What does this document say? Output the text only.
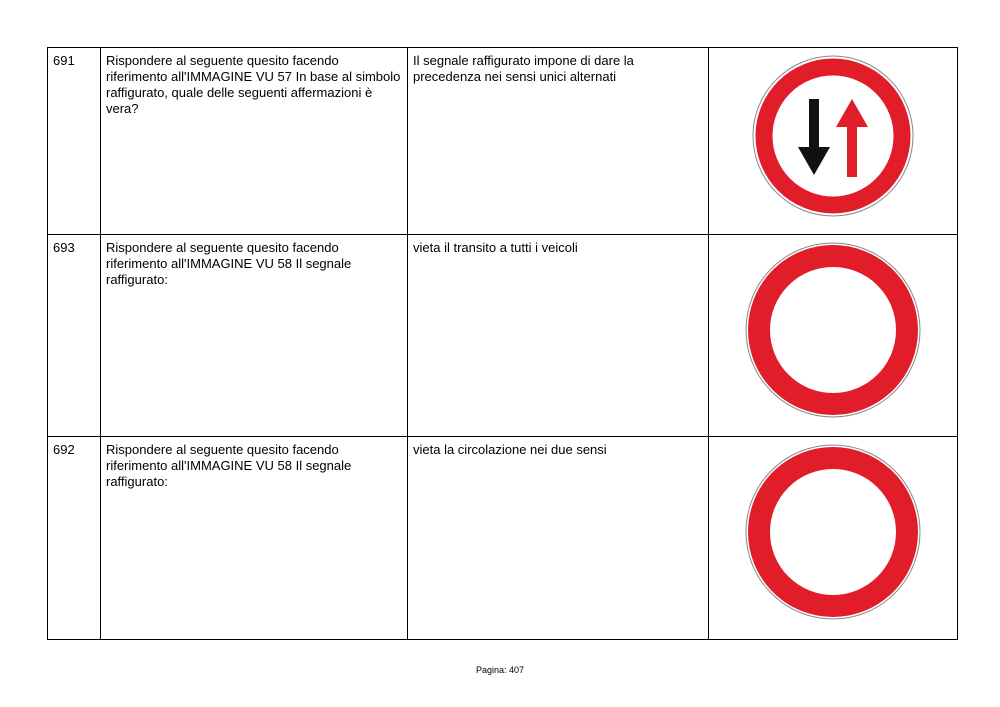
691	Rispondere al seguente quesito facendo riferimento all'IMMAGINE VU 57 In base al simbolo raffigurato, quale delle seguenti affermazioni è vera?	Il segnale raffigurato impone di dare la precedenza nei sensi unici alternati	

693	Rispondere al seguente quesito facendo riferimento all'IMMAGINE VU 58 Il segnale raffigurato:	vieta il transito a tutti i veicoli	

692	Rispondere al seguente quesito facendo riferimento all'IMMAGINE VU 58 Il segnale raffigurato:	vieta la circolazione nei due sensi	
Pagina: 407
